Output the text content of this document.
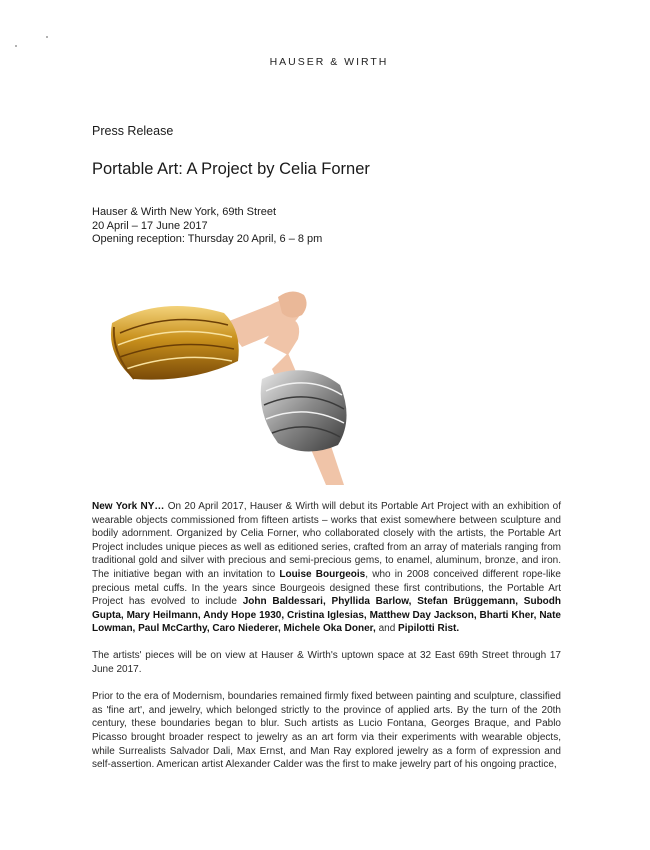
HAUSER & WIRTH
Press Release
Portable Art: A Project by Celia Forner
Hauser & Wirth New York, 69th Street
20 April – 17 June 2017
Opening reception: Thursday 20 April, 6 – 8 pm

New York NY… On 20 April 2017, Hauser & Wirth will debut its Portable Art Project with an exhibition of wearable objects commissioned from fifteen artists – works that exist somewhere between sculpture and bodily adornment. Organized by Celia Forner, who collaborated closely with the artists, the Portable Art Project includes unique pieces as well as editioned series, crafted from an array of materials ranging from traditional gold and silver with precious and semi-precious gems, to enamel, aluminum, bronze, and iron. The initiative began with an invitation to Louise Bourgeois, who in 2008 conceived different rope-like precious metal cuffs. In the years since Bourgeois designed these first contributions, the Portable Art Project has evolved to include John Baldessari, Phyllida Barlow, Stefan Brüggemann, Subodh Gupta, Mary Heilmann, Andy Hope 1930, Cristina Iglesias, Matthew Day Jackson, Bharti Kher, Nate Lowman, Paul McCarthy, Caro Niederer, Michele Oka Doner, and Pipilotti Rist.

The artists' pieces will be on view at Hauser & Wirth's uptown space at 32 East 69th Street through 17 June 2017.

Prior to the era of Modernism, boundaries remained firmly fixed between painting and sculpture, classified as 'fine art', and jewelry, which belonged strictly to the province of applied arts. By the turn of the 20th century, these boundaries began to blur. Such artists as Lucio Fontana, Georges Braque, and Pablo Picasso brought broader respect to jewelry as an art form via their experiments with wearable objects, while Surrealists Salvador Dali, Max Ernst, and Man Ray explored jewelry as a form of expression and self-assertion. American artist Alexander Calder was the first to make jewelry part of his ongoing practice,
